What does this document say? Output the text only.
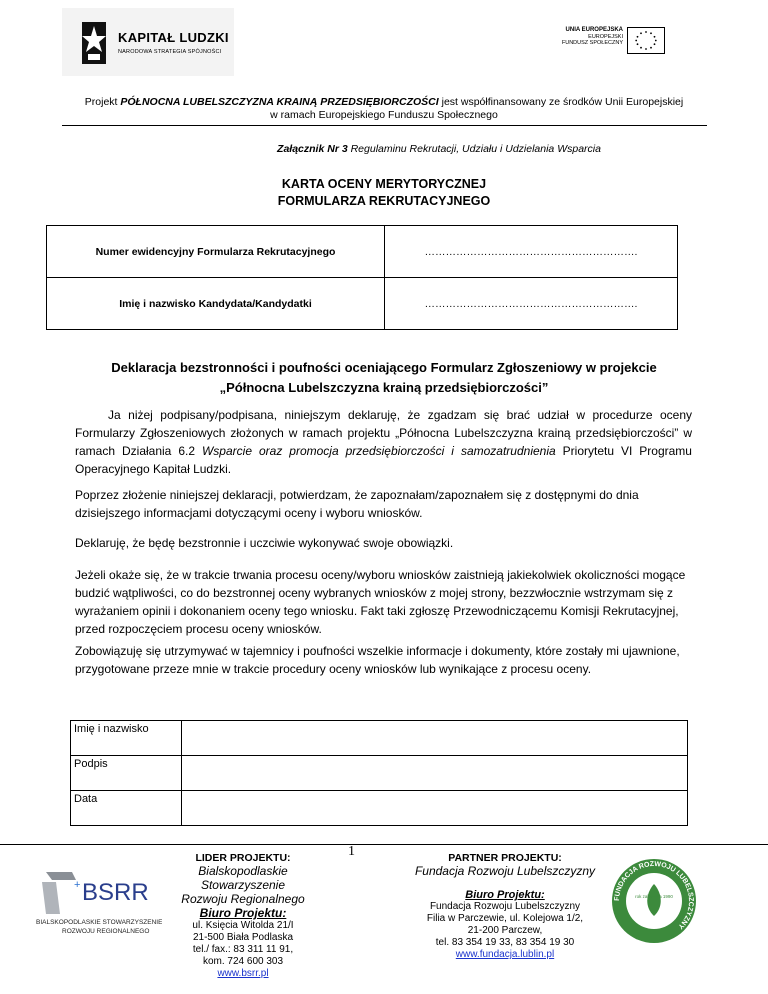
KAPITAŁ LUDZKI
NARODOWA STRATEGIA SPÓJNOŚCI
UNIA EUROPEJSKA
EUROPEJSKI
FUNDUSZ SPOŁECZNY
Projekt PÓŁNOCNA LUBELSZCZYZNA KRAINĄ PRZEDSIĘBIORCZOŚCI jest współfinansowany ze środków Unii Europejskiej
w ramach Europejskiego Funduszu Społecznego
Załącznik Nr 3 Regulaminu Rekrutacji, Udziału i Udzielania Wsparcia
KARTA OCENY MERYTORYCZNEJ
FORMULARZA REKRUTACYJNEGO
Numer ewidencyjny Formularza Rekrutacyjnego	…………………………………………………….
Imię i nazwisko Kandydata/Kandydatki	…………………………………………………….
Deklaracja bezstronności i poufności oceniającego Formularz Zgłoszeniowy w projekcie
„Północna Lubelszczyzna krainą przedsiębiorczości”
Ja niżej podpisany/podpisana, niniejszym deklaruję, że zgadzam się brać udział w procedurze oceny Formularzy Zgłoszeniowych złożonych w ramach projektu „Północna Lubelszczyzna krainą przedsiębiorczości” w ramach Działania 6.2 Wsparcie oraz promocja przedsiębiorczości i samozatrudnienia Priorytetu VI Programu Operacyjnego Kapitał Ludzki.
Poprzez złożenie niniejszej deklaracji, potwierdzam, że zapoznałam/zapoznałem się z dostępnymi do dnia dzisiejszego informacjami dotyczącymi oceny i wyboru wniosków.
Deklaruję, że będę bezstronnie i uczciwie wykonywać swoje obowiązki.
Jeżeli okaże się, że w trakcie trwania procesu oceny/wyboru wniosków zaistnieją jakiekolwiek okoliczności mogące budzić wątpliwości, co do bezstronnej oceny wybranych wniosków z mojej strony, bezzwłocznie wstrzymam się z wyrażaniem opinii i dokonaniem oceny tego wniosku. Fakt taki zgłoszę Przewodniczącemu Komisji Rekrutacyjnej, przed rozpoczęciem procesu oceny wniosków.
Zobowiązuję się utrzymywać w tajemnicy i poufności wszelkie informacje i dokumenty, które zostały mi ujawnione, przygotowane przeze mnie w trakcie procedury oceny wniosków lub wynikające z procesu oceny.
Imię i nazwisko	
Podpis	
Data	
1
BSRR
+
BIALSKOPODLASKIE STOWARZYSZENIE
ROZWOJU REGIONALNEGO
LIDER PROJEKTU:
Bialskopodlaskie
Stowarzyszenie
Rozwoju Regionalnego
Biuro Projektu:
ul. Księcia Witolda 21/I
21-500 Biała Podlaska
tel./ fax.: 83 311 11 91,
kom. 724 600 303
www.bsrr.pl
PARTNER PROJEKTU:
Fundacja Rozwoju Lubelszczyzny
Biuro Projektu:
Fundacja Rozwoju Lubelszczyzny
Filia w Parczewie, ul. Kolejowa 1/2,
21-200 Parczew,
tel. 83 354 19 33, 83 354 19 30
www.fundacja.lublin.pl
rok założenia 1990
FUNDACJA ROZWOJU LUBELSZCZYZNY
